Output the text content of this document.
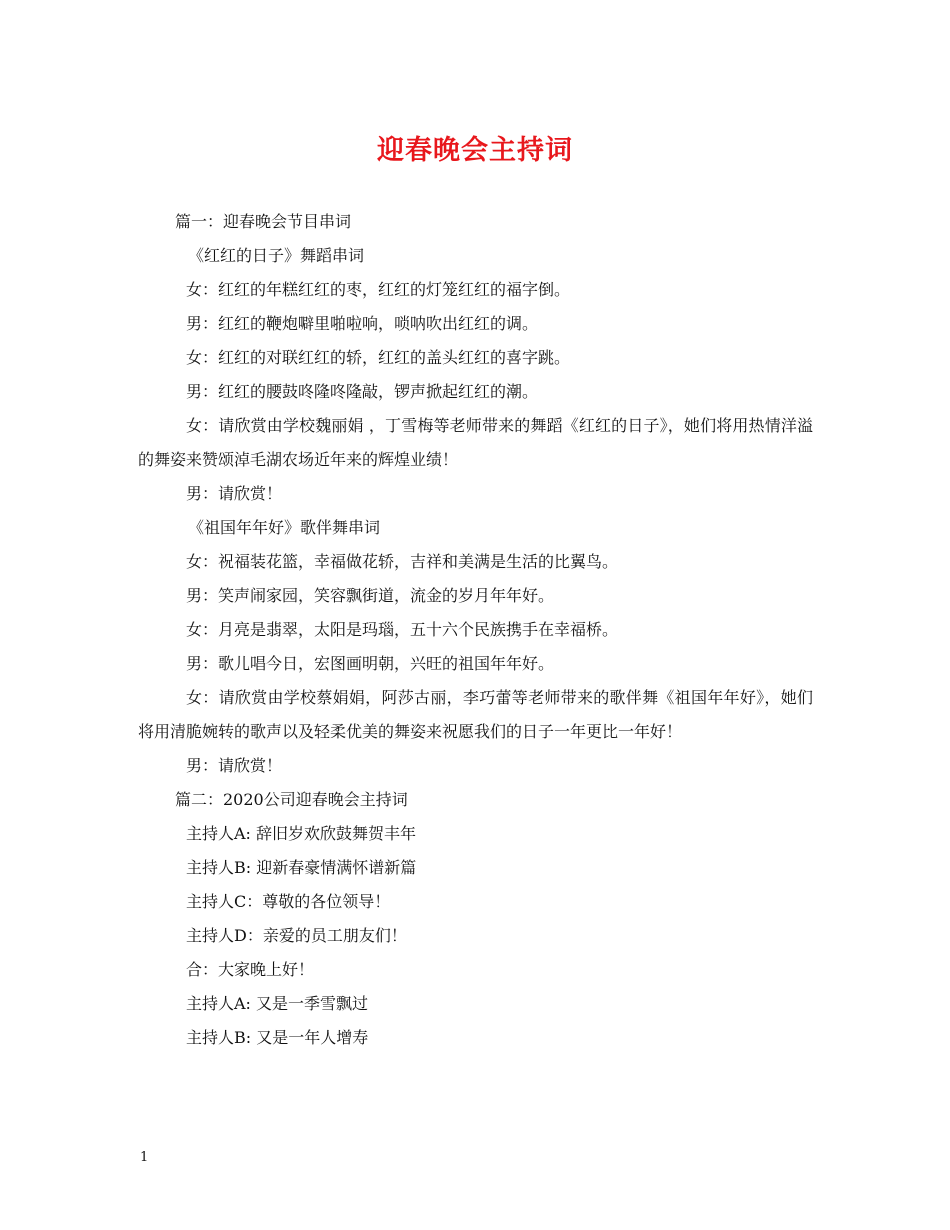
迎春晚会主持词

篇一：迎春晚会节目串词

《红红的日子》舞蹈串词

女：红红的年糕红红的枣，红红的灯笼红红的福字倒。

男：红红的鞭炮噼里啪啦响，唢呐吹出红红的调。

女：红红的对联红红的轿，红红的盖头红红的喜字跳。

男：红红的腰鼓咚隆咚隆敲，锣声掀起红红的潮。

女：请欣赏由学校魏丽娟 ，丁雪梅等老师带来的舞蹈《红红的日子》，她们将用热情洋溢的舞姿来赞颂淖毛湖农场近年来的辉煌业绩！

男：请欣赏！

《祖国年年好》歌伴舞串词

女：祝福装花篮，幸福做花轿，吉祥和美满是生活的比翼鸟。

男：笑声闹家园，笑容飘街道，流金的岁月年年好。

女：月亮是翡翠，太阳是玛瑙，五十六个民族携手在幸福桥。

男：歌儿唱今日，宏图画明朝，兴旺的祖国年年好。

女：请欣赏由学校蔡娟娟，阿莎古丽，李巧蕾等老师带来的歌伴舞《祖国年年好》，她们将用清脆婉转的歌声以及轻柔优美的舞姿来祝愿我们的日子一年更比一年好！

男：请欣赏！

篇二：2020公司迎春晚会主持词

主持人A: 辞旧岁欢欣鼓舞贺丰年

主持人B: 迎新春豪情满怀谱新篇

主持人C：尊敬的各位领导！

主持人D：亲爱的员工朋友们！

合：大家晚上好！

主持人A: 又是一季雪飘过

主持人B: 又是一年人增寿

1
